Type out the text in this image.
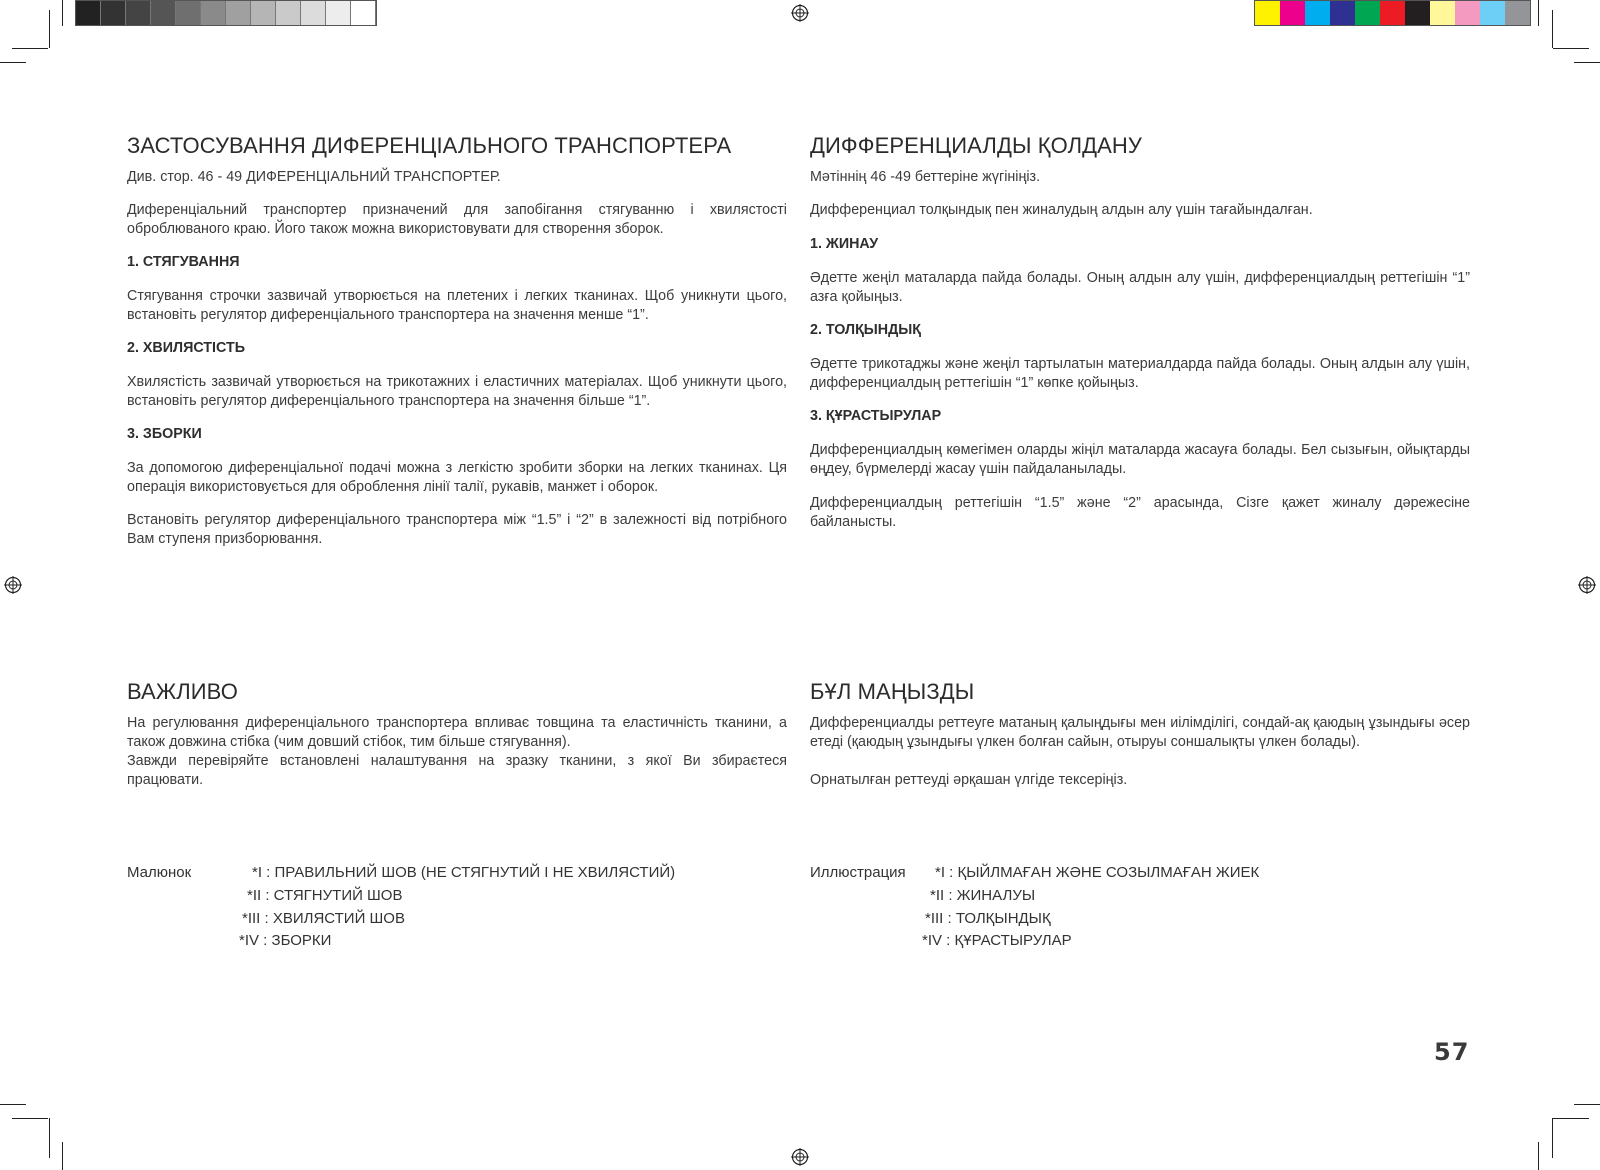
ЗАСТОСУВАННЯ ДИФЕРЕНЦІАЛЬНОГО ТРАНСПОРТЕРА
Див. стор. 46 - 49 ДИФЕРЕНЦІАЛЬНИЙ ТРАНСПОРТЕР.

Диференціальний транспортер призначений для запобігання стягуванню і хвилястості оброблюваного краю. Його також можна використовувати для створення зборок.

1. СТЯГУВАННЯ

Стягування строчки зазвичай утворюється на плетених і легких тканинах. Щоб уникнути цього, встановіть регулятор диференціального транспортера на значення менше “1”.

2. ХВИЛЯСТІСТЬ

Хвилястість зазвичай утворюється на трикотажних і еластичних матеріалах. Щоб уникнути цього, встановіть регулятор диференціального транспортера на значення більше “1”.

3. ЗБОРКИ

За допомогою диференціальної подачі можна з легкістю зробити зборки на легких тканинах. Ця операція використовується для оброблення лінії талії, рукавів, манжет і оборок.

Встановіть регулятор диференціального транспортера між “1.5” і “2” в залежності від потрібного Вам ступеня призборювання.

ВАЖЛИВО

На регулювання диференціального транспортера впливає товщина та еластичність тканини, а також довжина стібка (чим довший стібок, тим більше стягування).

Завжди перевіряйте встановлені налаштування на зразку тканини, з якої Ви збираєтеся працювати.

Малюнок	*I : ПРАВИЛЬНИЙ ШОВ (НЕ СТЯГНУТИЙ І НЕ ХВИЛЯСТИЙ)
*II : СТЯГНУТИЙ ШОВ
*III : ХВИЛЯСТИЙ ШОВ
*IV : ЗБОРКИ
ДИФФЕРЕНЦИАЛДЫ ҚОЛДАНУ
Мәтіннің 46 -49 беттеріне жүгініңіз.

Дифференциал толқындық пен жиналудың алдын алу үшін тағайындалған.

1. ЖИНАУ

Әдетте жеңіл маталарда пайда болады. Оның алдын алу үшін, дифференциалдың реттегішін “1” азға қойыңыз.

2. ТОЛҚЫНДЫҚ

Әдетте трикотаджы және жеңіл тартылатын материалдарда пайда болады. Оның алдын алу үшін, дифференциалдың реттегішін “1” көпке қойыңыз.

3. ҚҰРАСТЫРУЛАР

Дифференциалдың көмегімен оларды жіңіл маталарда жасауға болады. Бел сызығын, ойықтарды өңдеу, бүрмелерді жасау үшін пайдаланылады.

Дифференциалдың реттегішін “1.5” және “2” арасында, Сізге қажет жиналу дәрежесіне байланысты.

БҰЛ МАҢЫЗДЫ

Дифференциалды реттеуге матаның қалыңдығы мен иілімділігі, сондай-ақ қаюдың ұзындығы әсер етеді (қаюдың ұзындығы үлкен болған сайын, отыруы соншалықты үлкен болады).

Орнатылған реттеуді әрқашан үлгіде тексеріңіз.

Иллюстрация *I : ҚЫЙЛМАҒАН ЖӘНЕ СОЗЫЛМАҒАН ЖИЕК
*II : ЖИНАЛУЫ
*III : ТОЛҚЫНДЫҚ
*IV : ҚҰРАСТЫРУЛАР
57
